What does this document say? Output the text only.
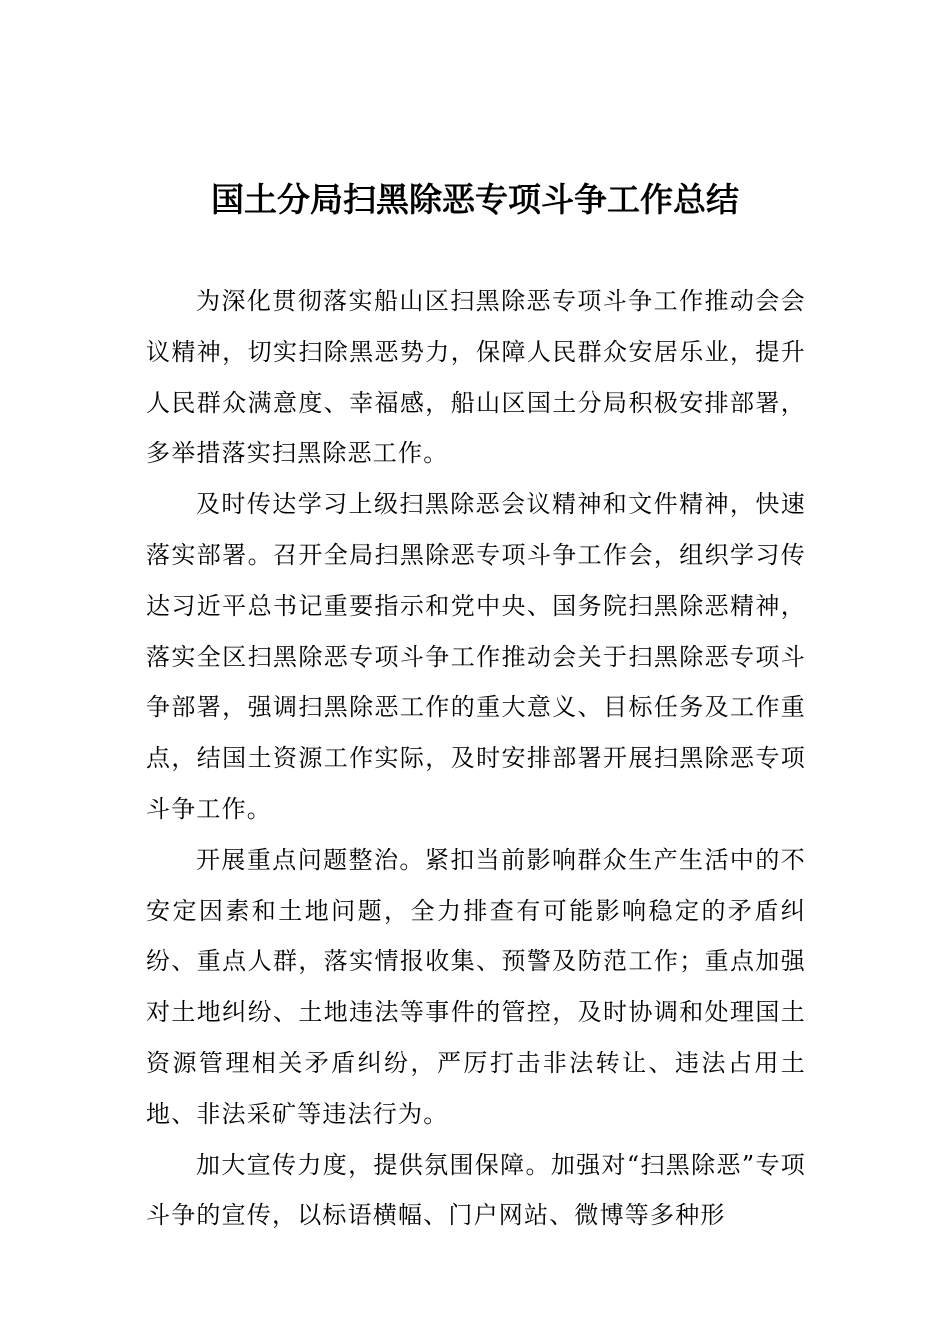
国土分局扫黑除恶专项斗争工作总结

为深化贯彻落实船山区扫黑除恶专项斗争工作推动会会议精神，切实扫除黑恶势力，保障人民群众安居乐业，提升人民群众满意度、幸福感，船山区国土分局积极安排部署，多举措落实扫黑除恶工作。

及时传达学习上级扫黑除恶会议精神和文件精神，快速落实部署。召开全局扫黑除恶专项斗争工作会，组织学习传达习近平总书记重要指示和党中央、国务院扫黑除恶精神，落实全区扫黑除恶专项斗争工作推动会关于扫黑除恶专项斗争部署，强调扫黑除恶工作的重大意义、目标任务及工作重点，结国土资源工作实际，及时安排部署开展扫黑除恶专项斗争工作。

开展重点问题整治。紧扣当前影响群众生产生活中的不安定因素和土地问题，全力排查有可能影响稳定的矛盾纠纷、重点人群，落实情报收集、预警及防范工作；重点加强对土地纠纷、土地违法等事件的管控，及时协调和处理国土资源管理相关矛盾纠纷，严厉打击非法转让、违法占用土地、非法采矿等违法行为。

加大宣传力度，提供氛围保障。加强对“扫黑除恶”专项斗争的宣传，以标语横幅、门户网站、微博等多种形
